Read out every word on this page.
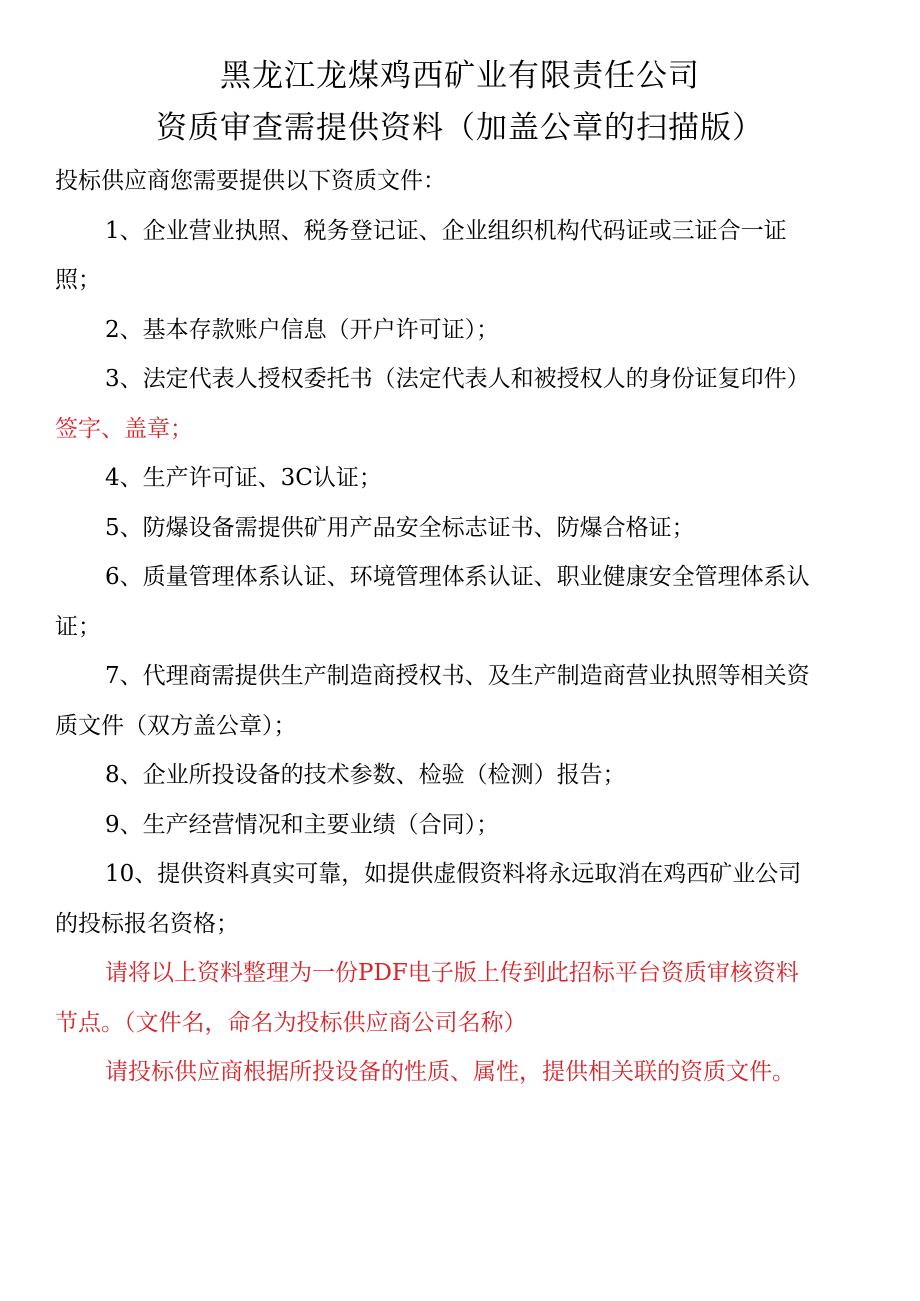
黑龙江龙煤鸡西矿业有限责任公司
资质审查需提供资料（加盖公章的扫描版）
投标供应商您需要提供以下资质文件：
1、企业营业执照、税务登记证、企业组织机构代码证或三证合一证
照；
2、基本存款账户信息（开户许可证）；
3、法定代表人授权委托书（法定代表人和被授权人的身份证复印件）
签字、盖章；
4、生产许可证、3C认证；
5、防爆设备需提供矿用产品安全标志证书、防爆合格证；
6、质量管理体系认证、环境管理体系认证、职业健康安全管理体系认
证；
7、代理商需提供生产制造商授权书、及生产制造商营业执照等相关资
质文件（双方盖公章）；
8、企业所投设备的技术参数、检验（检测）报告；
9、生产经营情况和主要业绩（合同）；
10、提供资料真实可靠，如提供虚假资料将永远取消在鸡西矿业公司
的投标报名资格；
请将以上资料整理为一份PDF电子版上传到此招标平台资质审核资料
节点。（文件名，命名为投标供应商公司名称）
请投标供应商根据所投设备的性质、属性，提供相关联的资质文件。
